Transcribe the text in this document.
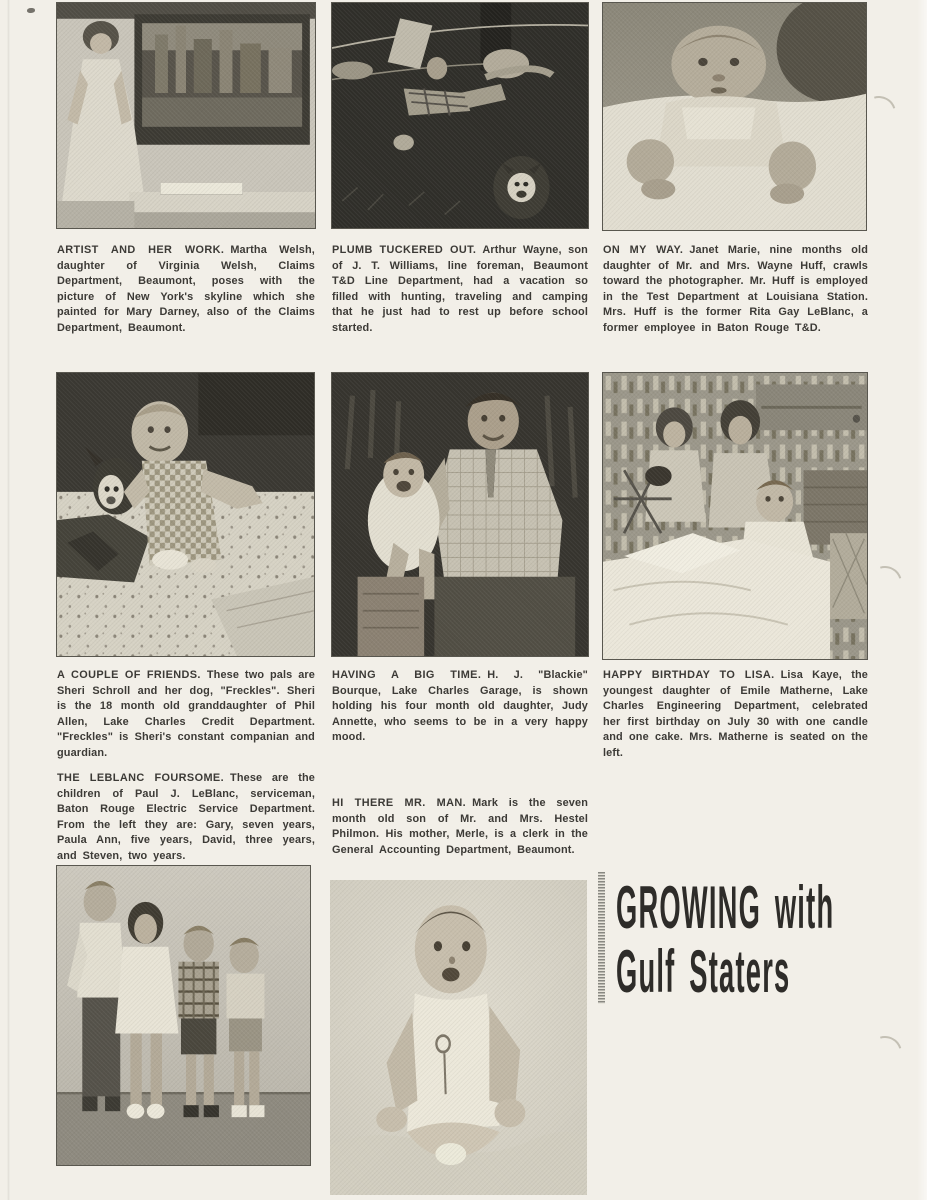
ARTIST AND HER WORK. Martha Welsh, daughter of Virginia Welsh, Claims Department, Beaumont, poses with the picture of New York's skyline which she painted for Mary Darney, also of the Claims Department, Beaumont.
PLUMB TUCKERED OUT. Arthur Wayne, son of J. T. Williams, line foreman, Beaumont T&D Line Department, had a vacation so filled with hunting, traveling and camping that he just had to rest up before school started.
ON MY WAY. Janet Marie, nine months old daughter of Mr. and Mrs. Wayne Huff, crawls toward the photographer. Mr. Huff is employed in the Test Department at Louisiana Station. Mrs. Huff is the former Rita Gay LeBlanc, a former employee in Baton Rouge T&D.
A COUPLE OF FRIENDS. These two pals are Sheri Schroll and her dog, "Freckles". Sheri is the 18 month old granddaughter of Phil Allen, Lake Charles Credit Department. "Freckles" is Sheri's constant companian and guardian.
HAVING A BIG TIME. H. J. "Blackie" Bourque, Lake Charles Garage, is shown holding his four month old daughter, Judy Annette, who seems to be in a very happy mood.
HAPPY BIRTHDAY TO LISA. Lisa Kaye, the youngest daughter of Emile Matherne, Lake Charles Engineering Department, celebrated her first birthday on July 30 with one candle and one cake. Mrs. Matherne is seated on the left.
THE LEBLANC FOURSOME. These are the children of Paul J. LeBlanc, serviceman, Baton Rouge Electric Service Department. From the left they are: Gary, seven years, Paula Ann, five years, David, three years, and Steven, two years.
HI THERE MR. MAN. Mark is the seven month old son of Mr. and Mrs. Hestel Philmon. His mother, Merle, is a clerk in the General Accounting Department, Beaumont.
GROWING with
Gulf Staters
